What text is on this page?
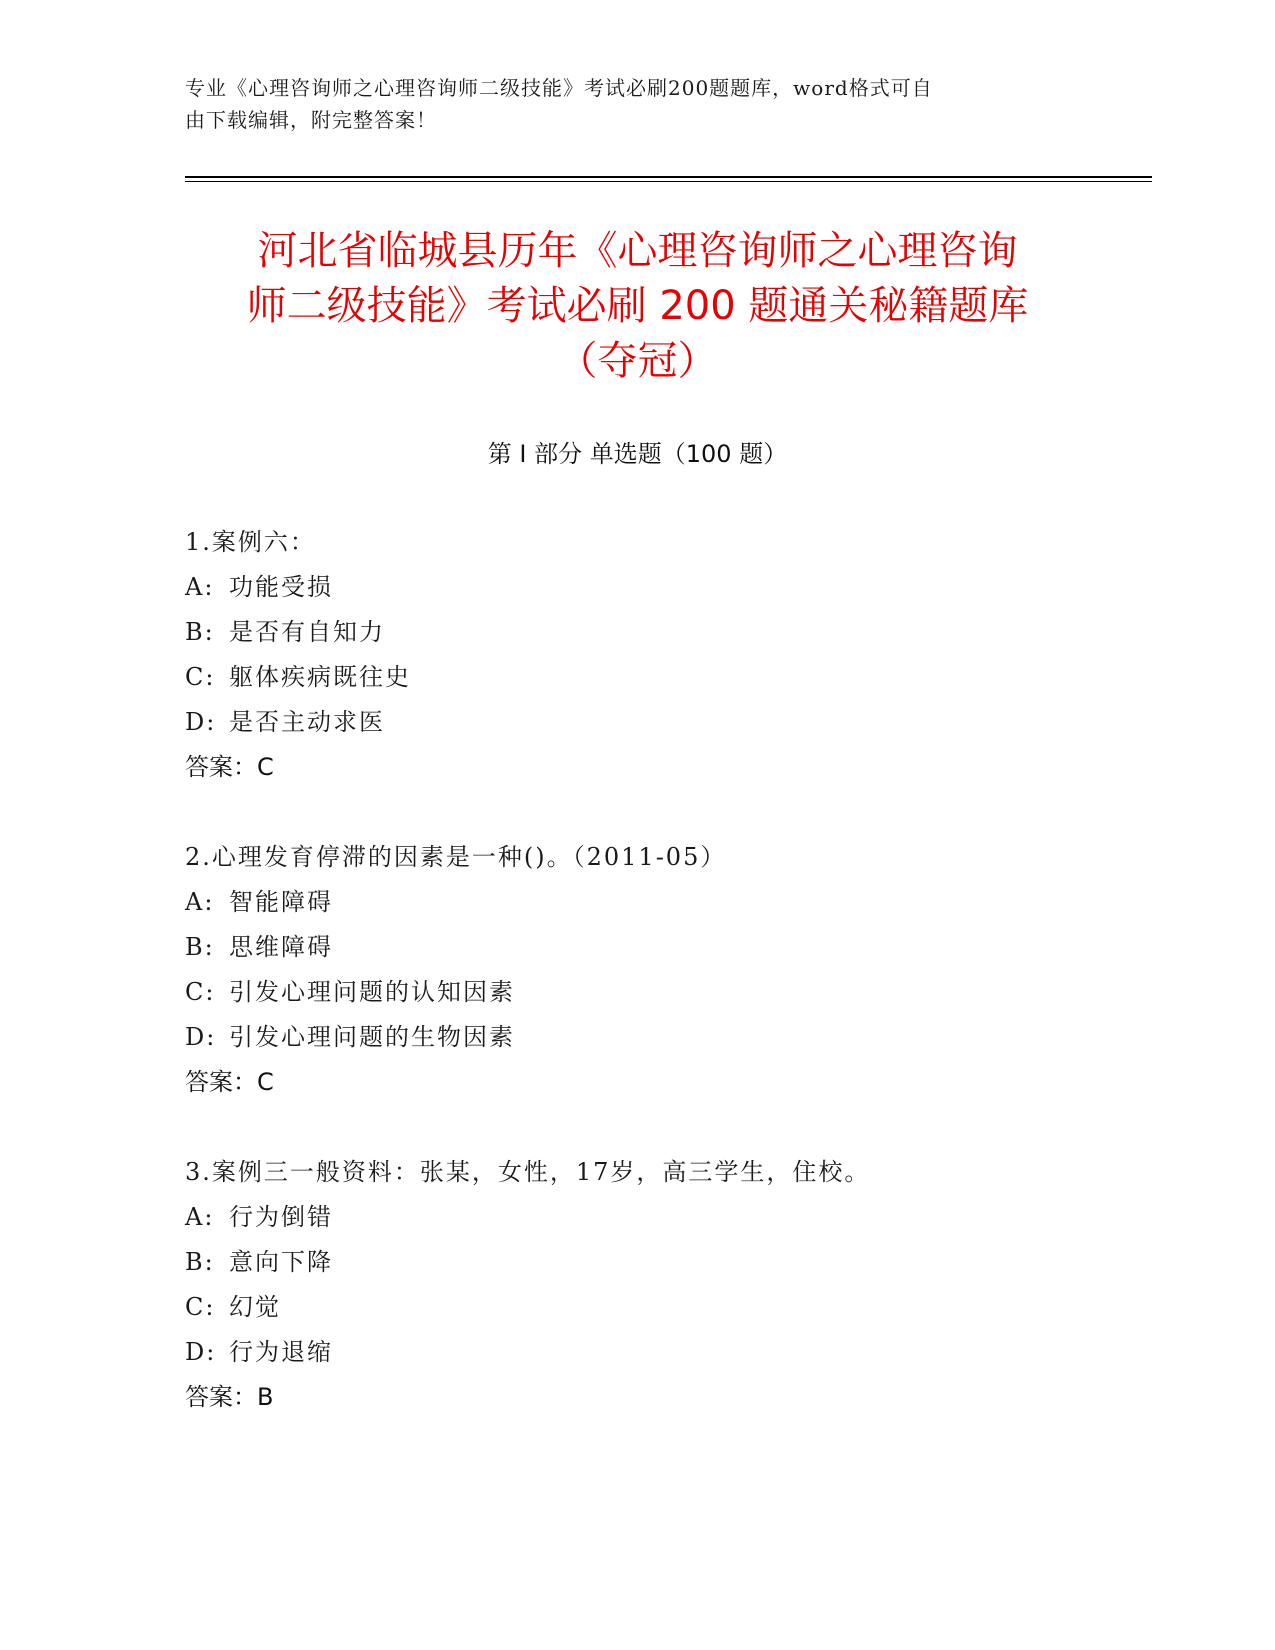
专业《心理咨询师之心理咨询师二级技能》考试必刷200题题库，word格式可自
由下载编辑，附完整答案！
河北省临城县历年《心理咨询师之心理咨询
师二级技能》考试必刷 200 题通关秘籍题库
（夺冠）
第 I 部分 单选题（100 题）
1.案例六：
A: 功能受损
B: 是否有自知力
C: 躯体疾病既往史
D: 是否主动求医
答案：C
2.心理发育停滞的因素是一种()。（2011-05）
A: 智能障碍
B: 思维障碍
C: 引发心理问题的认知因素
D: 引发心理问题的生物因素
答案：C
3.案例三一般资料：张某，女性，17岁，高三学生，住校。
A: 行为倒错
B: 意向下降
C: 幻觉
D: 行为退缩
答案：B
